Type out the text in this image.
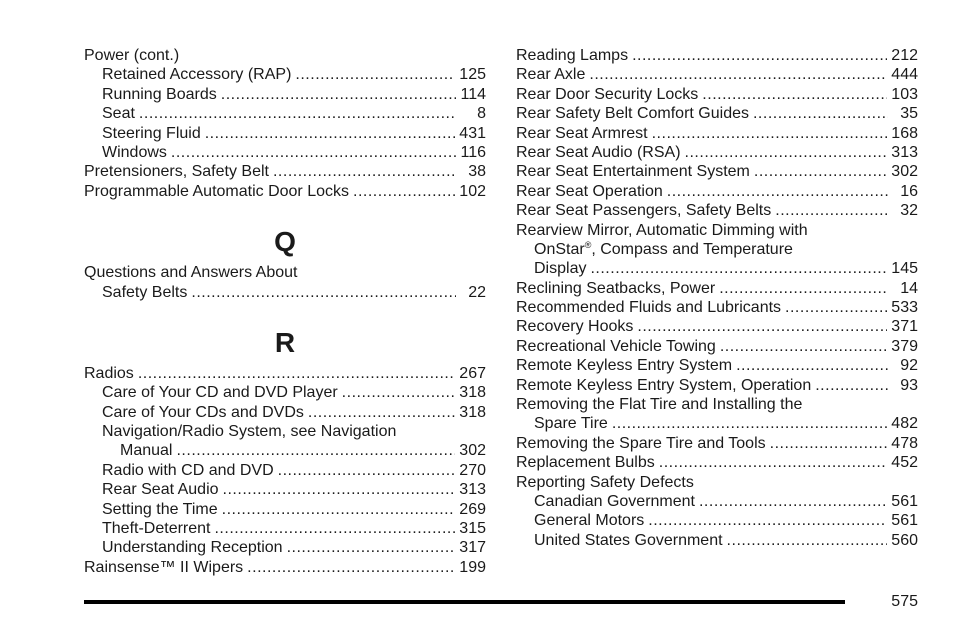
Power (cont.)
Retained Accessory (RAP) .....	125
Running Boards .....	114
Seat .....	8
Steering Fluid .....	431
Windows .....	116
Pretensioners, Safety Belt .....	38
Programmable Automatic Door Locks .....	102
Q
Questions and Answers About
Safety Belts .....	22
R
Radios .....	267
Care of Your CD and DVD Player .....	318
Care of Your CDs and DVDs .....	318
Navigation/Radio System, see Navigation
Manual .....	302
Radio with CD and DVD .....	270
Rear Seat Audio .....	313
Setting the Time .....	269
Theft-Deterrent .....	315
Understanding Reception .....	317
Rainsense™ II Wipers .....	199
Reading Lamps .....	212
Rear Axle .....	444
Rear Door Security Locks .....	103
Rear Safety Belt Comfort Guides .....	35
Rear Seat Armrest .....	168
Rear Seat Audio (RSA) .....	313
Rear Seat Entertainment System .....	302
Rear Seat Operation .....	16
Rear Seat Passengers, Safety Belts .....	32
Rearview Mirror, Automatic Dimming with
OnStar®, Compass and Temperature
Display .....	145
Reclining Seatbacks, Power .....	14
Recommended Fluids and Lubricants .....	533
Recovery Hooks .....	371
Recreational Vehicle Towing .....	379
Remote Keyless Entry System .....	92
Remote Keyless Entry System, Operation .....	93
Removing the Flat Tire and Installing the
Spare Tire .....	482
Removing the Spare Tire and Tools .....	478
Replacement Bulbs .....	452
Reporting Safety Defects
Canadian Government .....	561
General Motors .....	561
United States Government .....	560
575
